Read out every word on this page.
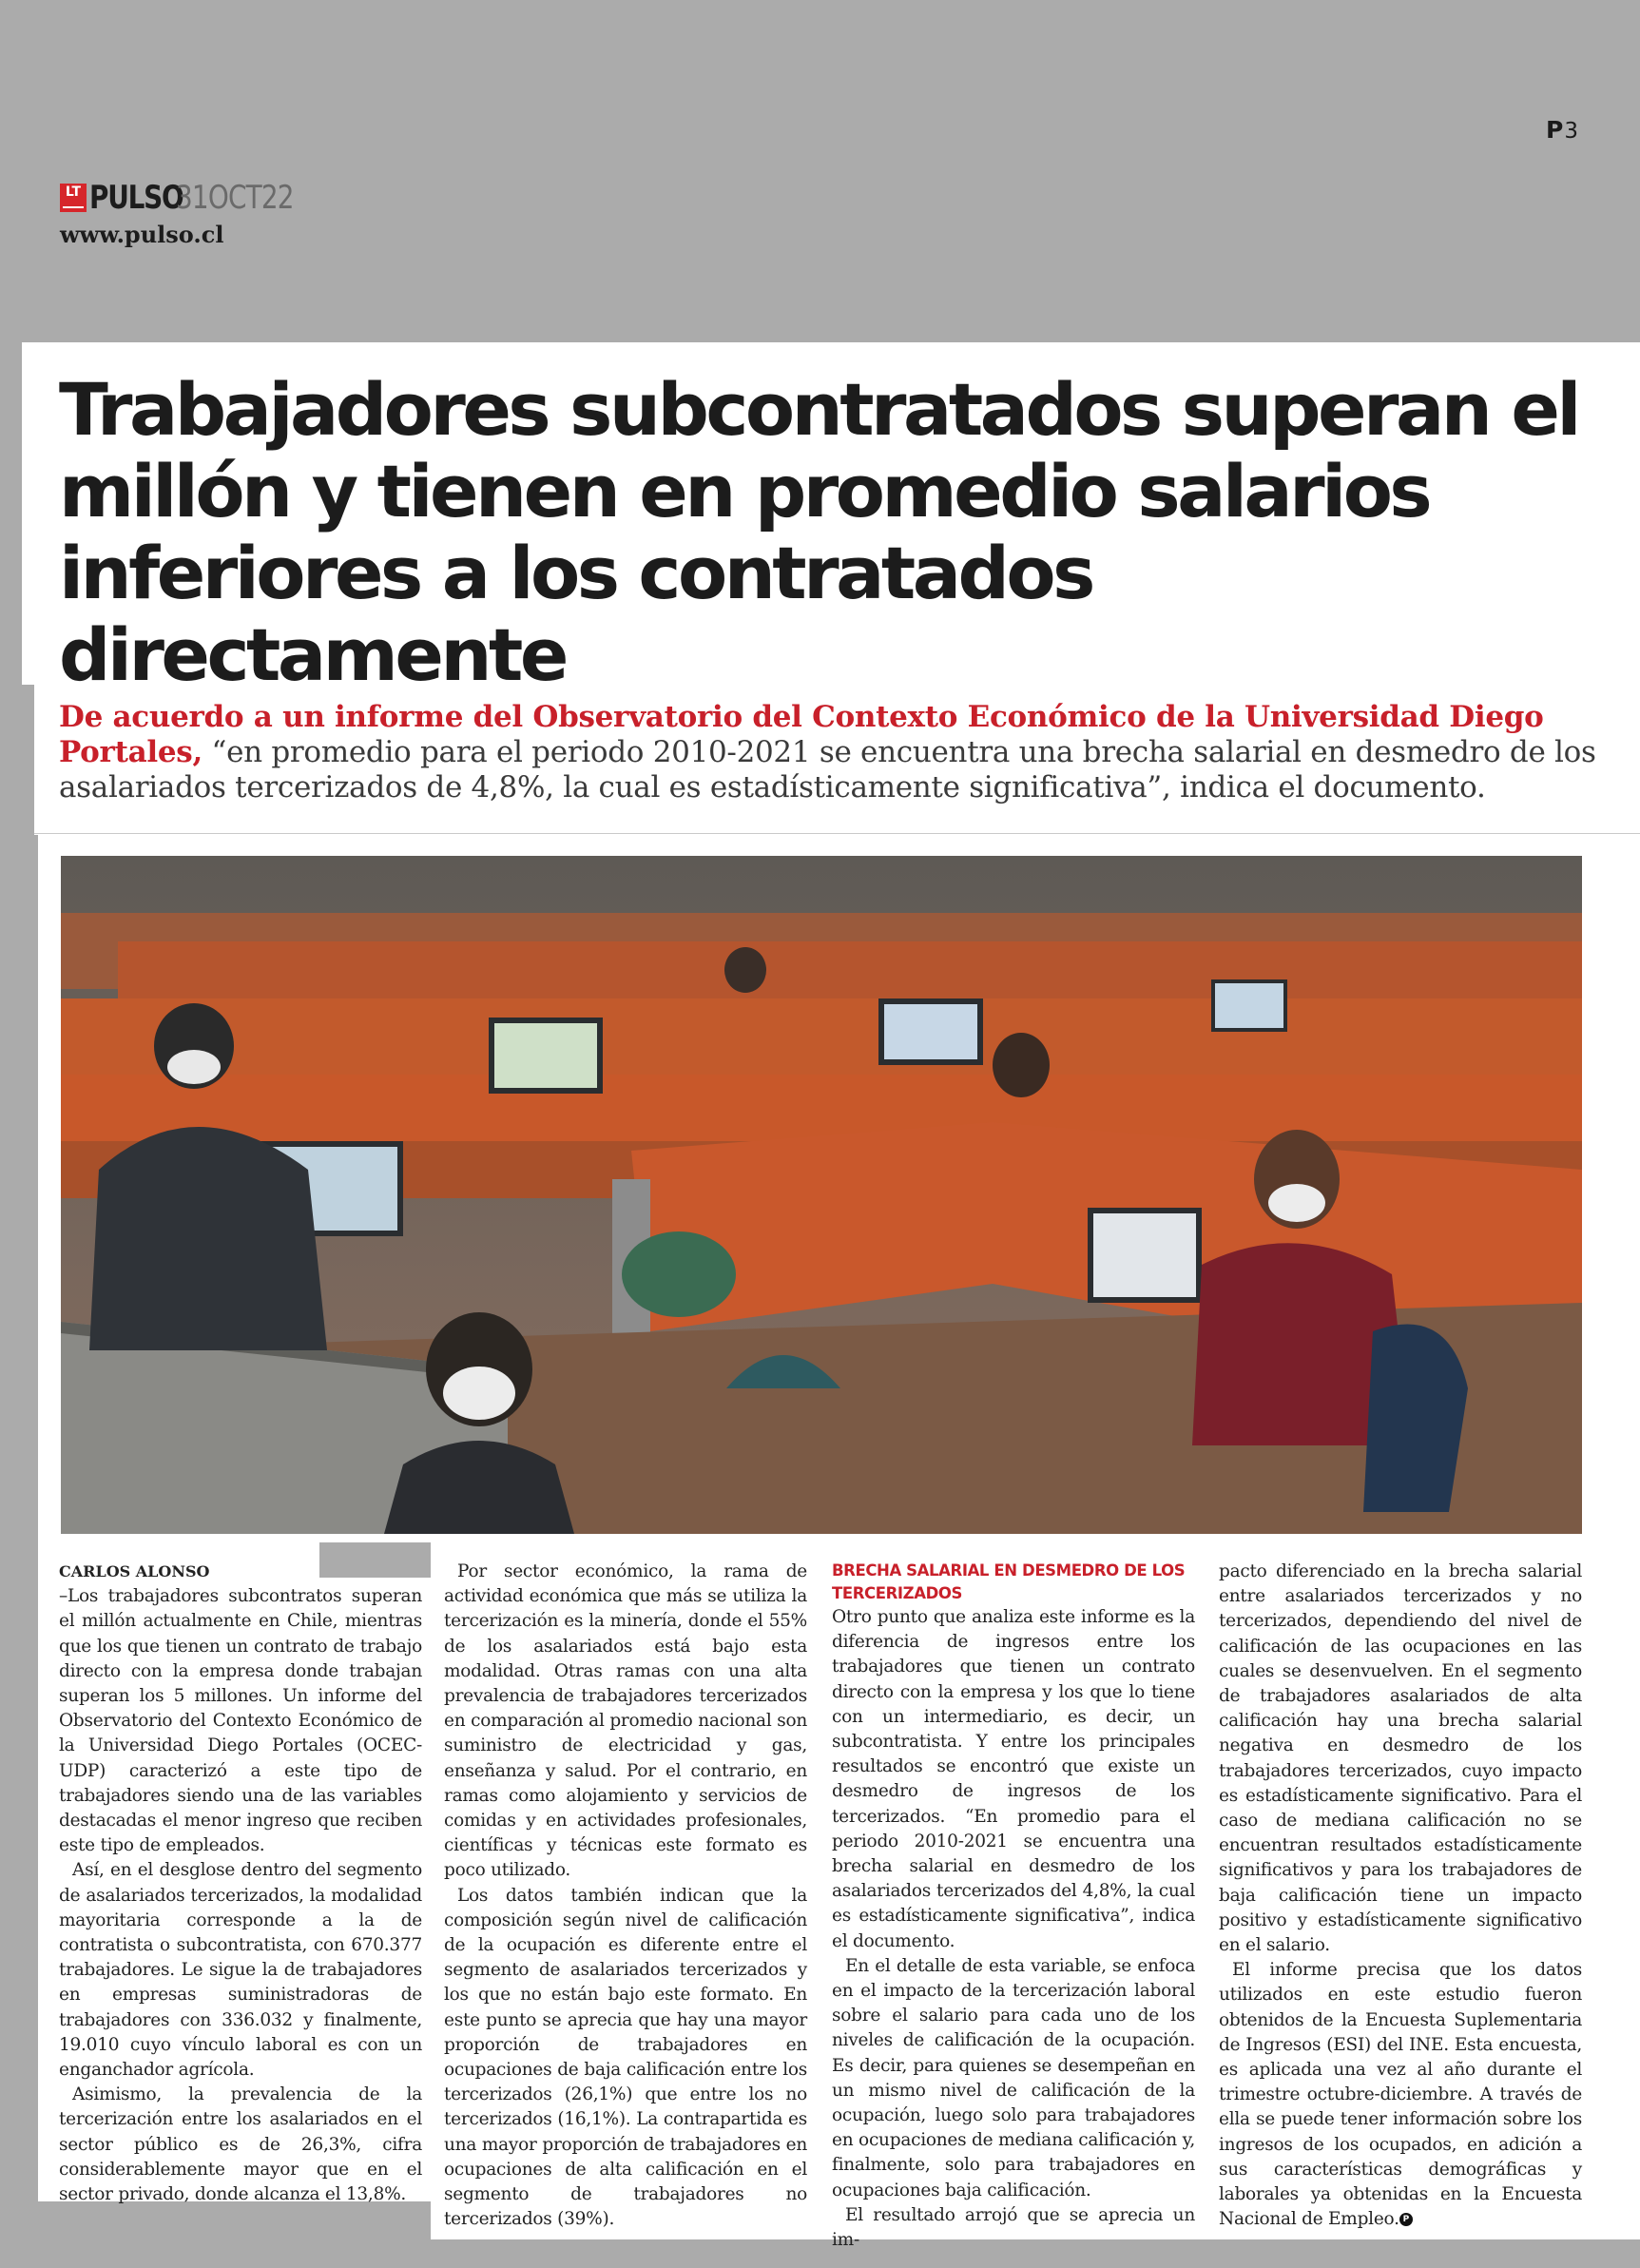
P3
LT PULSO
31OCT22
www.pulso.cl
Trabajadores subcontratados superan el millón y tienen en promedio salarios inferiores a los contratados directamente

De acuerdo a un informe del Observatorio del Contexto Económico de la Universidad Diego Portales, “en promedio para el periodo 2010-2021 se encuentra una brecha salarial en desmedro de los asalariados tercerizados de 4,8%, la cual es estadísticamente significativa”, indica el documento.

CARLOS ALONSO

–Los trabajadores subcontratos superan el millón actualmente en Chile, mientras que los que tienen un contrato de trabajo directo con la empresa donde trabajan superan los 5 millones. Un informe del Observatorio del Contexto Económico de la Universidad Diego Portales (OCEC-UDP) caracterizó a este tipo de trabajadores siendo una de las variables destacadas el menor ingreso que reciben este tipo de empleados.

Así, en el desglose dentro del segmento de asalariados tercerizados, la modalidad mayoritaria corresponde a la de contratista o subcontratista, con 670.377 trabajadores. Le sigue la de trabajadores en empresas suministradoras de trabajadores con 336.032 y finalmente, 19.010 cuyo vínculo laboral es con un enganchador agrícola.

Asimismo, la prevalencia de la tercerización entre los asalariados en el sector público es de 26,3%, cifra considerablemente mayor que en el sector privado, donde alcanza el 13,8%.

Por sector económico, la rama de actividad económica que más se utiliza la tercerización es la minería, donde el 55% de los asalariados está bajo esta modalidad. Otras ramas con una alta prevalencia de trabajadores tercerizados en comparación al promedio nacional son suministro de electricidad y gas, enseñanza y salud. Por el contrario, en ramas como alojamiento y servicios de comidas y en actividades profesionales, científicas y técnicas este formato es poco utilizado.

Los datos también indican que la composición según nivel de calificación de la ocupación es diferente entre el segmento de asalariados tercerizados y los que no están bajo este formato. En este punto se aprecia que hay una mayor proporción de trabajadores en ocupaciones de baja calificación entre los tercerizados (26,1%) que entre los no tercerizados (16,1%). La contrapartida es una mayor proporción de trabajadores en ocupaciones de alta calificación en el segmento de trabajadores no tercerizados (39%).

BRECHA SALARIAL EN DESMEDRO DE LOS TERCERIZADOS

Otro punto que analiza este informe es la diferencia de ingresos entre los trabajadores que tienen un contrato directo con la empresa y los que lo tiene con un intermediario, es decir, un subcontratista. Y entre los principales resultados se encontró que existe un desmedro de ingresos de los tercerizados. “En promedio para el periodo 2010-2021 se encuentra una brecha salarial en desmedro de los asalariados tercerizados del 4,8%, la cual es estadísticamente significativa”, indica el documento.

En el detalle de esta variable, se enfoca en el impacto de la tercerización laboral sobre el salario para cada uno de los niveles de calificación de la ocupación. Es decir, para quienes se desempeñan en un mismo nivel de calificación de la ocupación, luego solo para trabajadores en ocupaciones de mediana calificación y, finalmente, solo para trabajadores en ocupaciones baja calificación.

El resultado arrojó que se aprecia un im-

pacto diferenciado en la brecha salarial entre asalariados tercerizados y no tercerizados, dependiendo del nivel de calificación de las ocupaciones en las cuales se desenvuelven. En el segmento de trabajadores asalariados de alta calificación hay una brecha salarial negativa en desmedro de los trabajadores tercerizados, cuyo impacto es estadísticamente significativo. Para el caso de mediana calificación no se encuentran resultados estadísticamente significativos y para los trabajadores de baja calificación tiene un impacto positivo y estadísticamente significativo en el salario.

El informe precisa que los datos utilizados en este estudio fueron obtenidos de la Encuesta Suplementaria de Ingresos (ESI) del INE. Esta encuesta, es aplicada una vez al año durante el trimestre octubre-diciembre. A través de ella se puede tener información sobre los ingresos de los ocupados, en adición a sus características demográficas y laborales ya obtenidas en la Encuesta Nacional de Empleo. P
